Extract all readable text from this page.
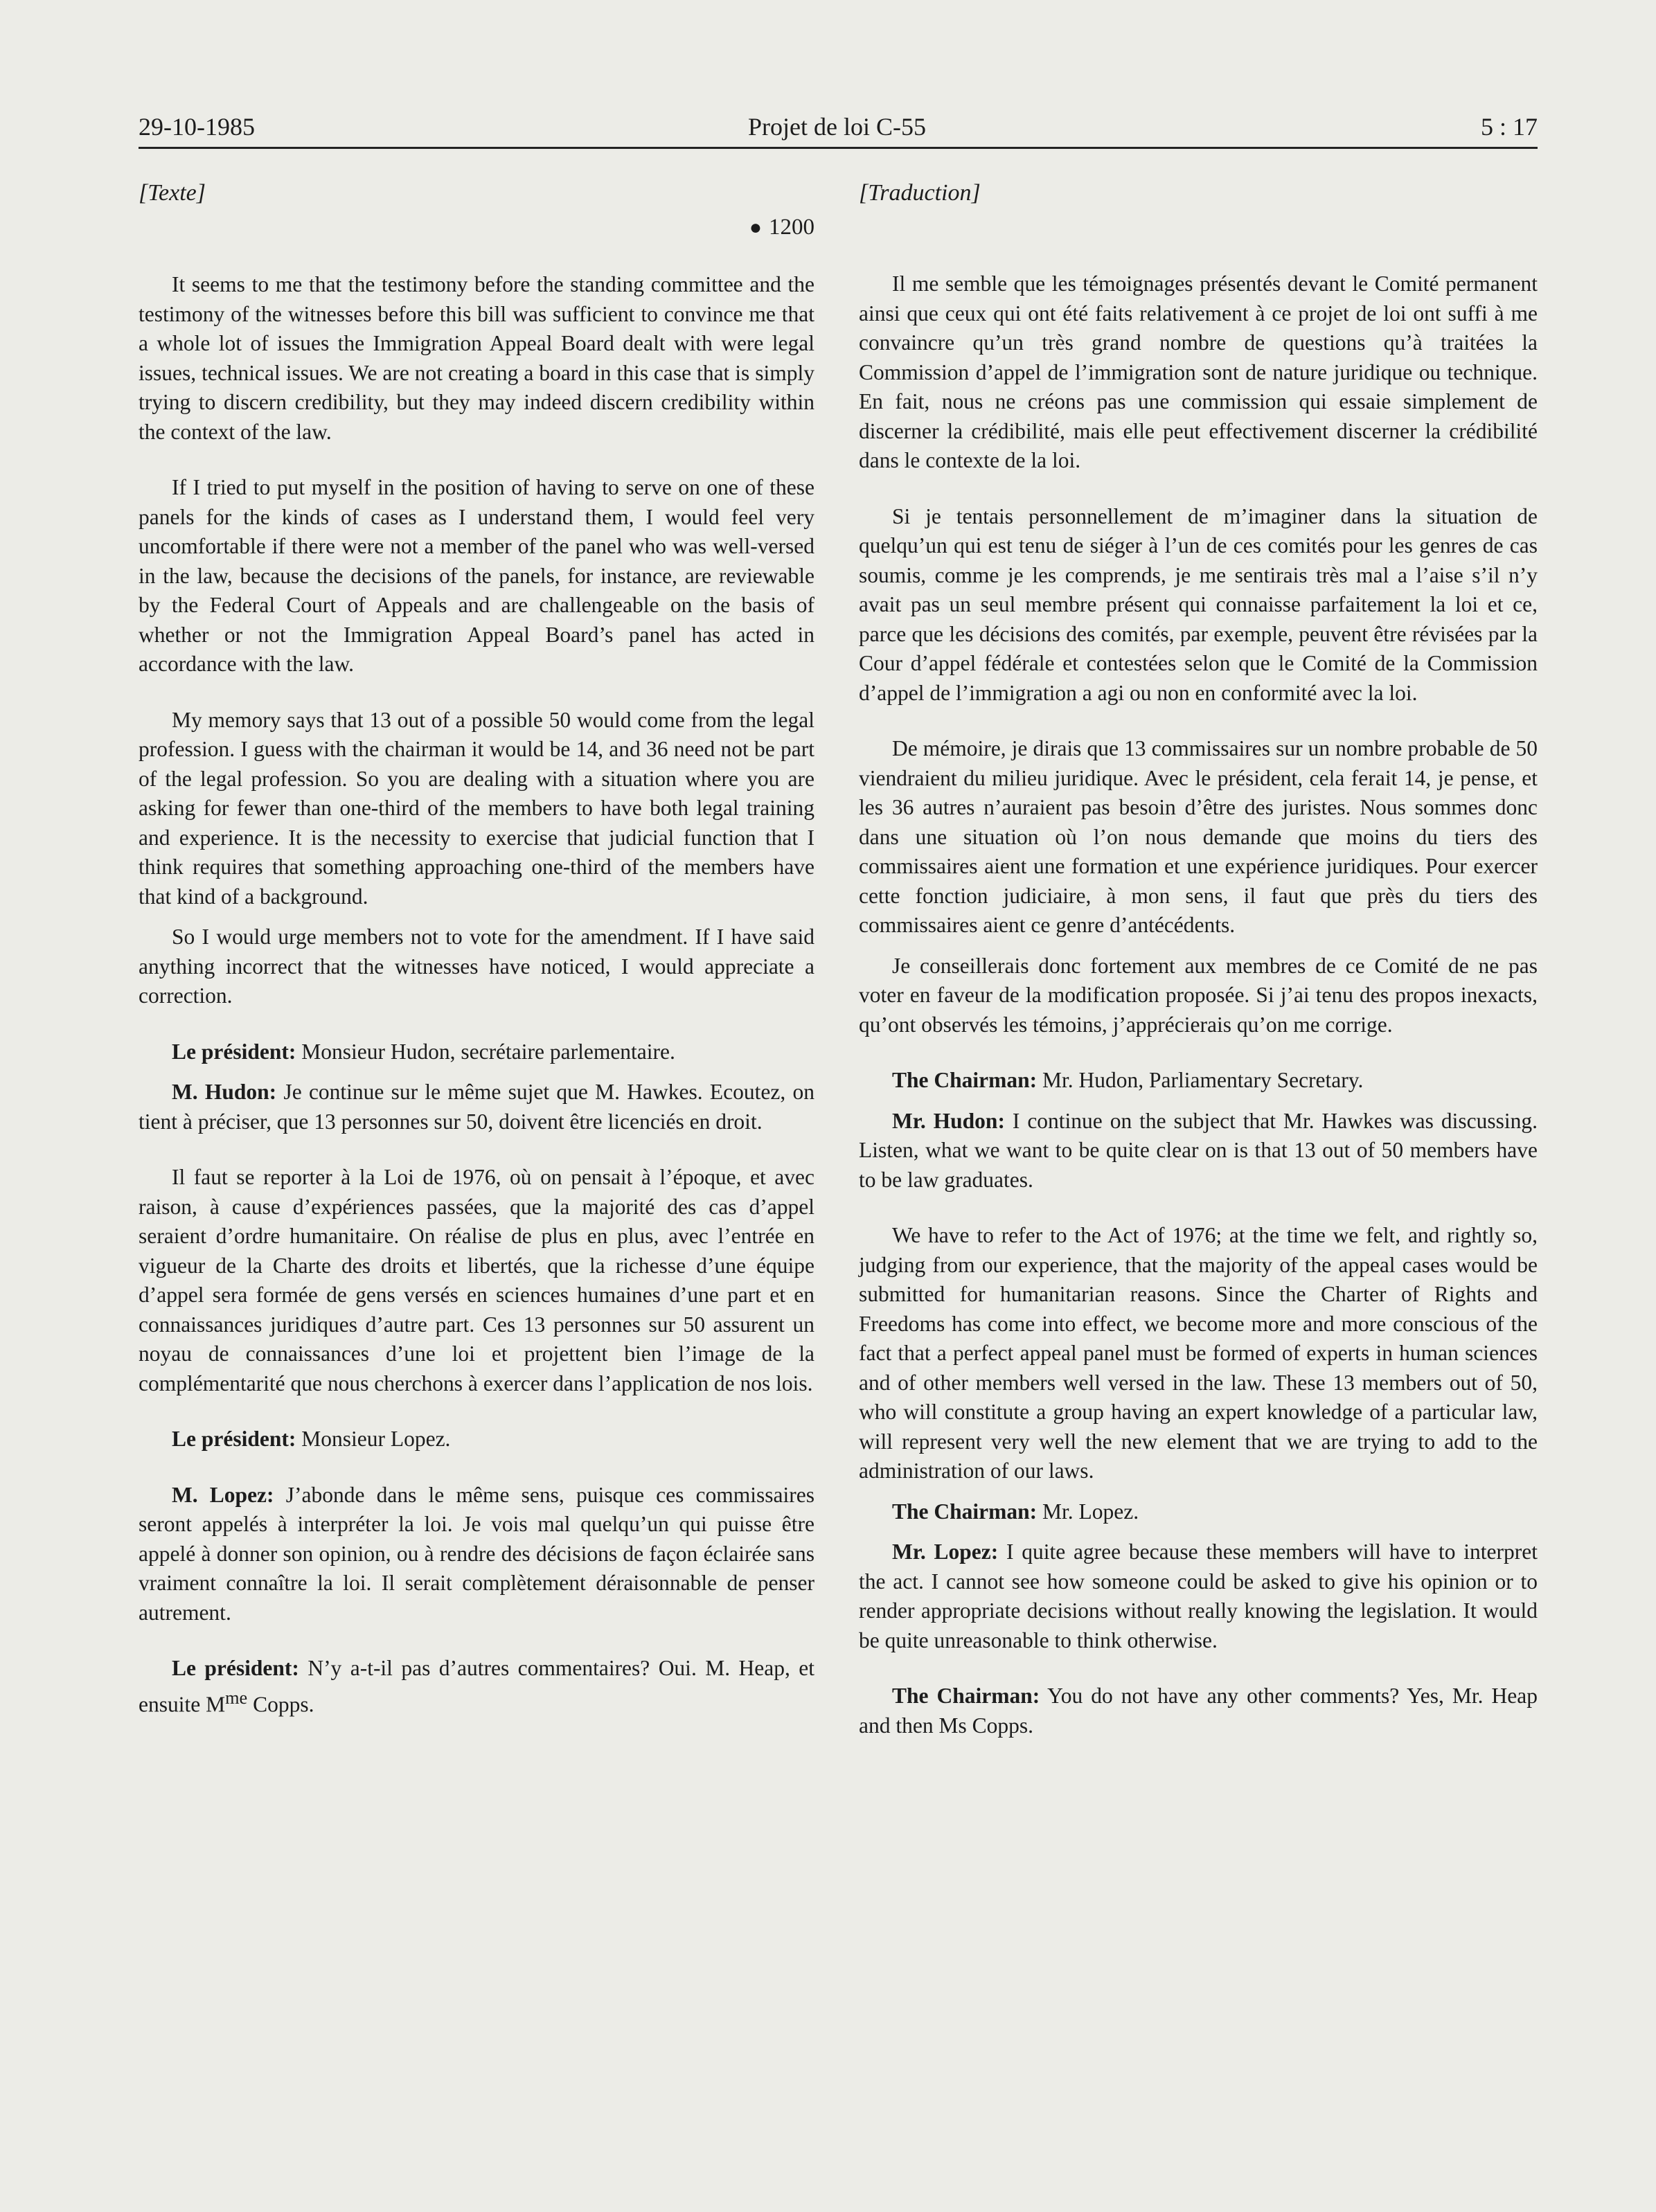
29-10-1985	Projet de loi C-55	5 : 17
[Texte]
● 1200

It seems to me that the testimony before the standing committee and the testimony of the witnesses before this bill was sufficient to convince me that a whole lot of issues the Immigration Appeal Board dealt with were legal issues, technical issues. We are not creating a board in this case that is simply trying to discern credibility, but they may indeed discern credibility within the context of the law.

If I tried to put myself in the position of having to serve on one of these panels for the kinds of cases as I understand them, I would feel very uncomfortable if there were not a member of the panel who was well-versed in the law, because the decisions of the panels, for instance, are reviewable by the Federal Court of Appeals and are challengeable on the basis of whether or not the Immigration Appeal Board’s panel has acted in accordance with the law.

My memory says that 13 out of a possible 50 would come from the legal profession. I guess with the chairman it would be 14, and 36 need not be part of the legal profession. So you are dealing with a situation where you are asking for fewer than one-third of the members to have both legal training and experience. It is the necessity to exercise that judicial function that I think requires that something approaching one-third of the members have that kind of a background.

So I would urge members not to vote for the amendment. If I have said anything incorrect that the witnesses have noticed, I would appreciate a correction.

Le président: Monsieur Hudon, secrétaire parlementaire.

M. Hudon: Je continue sur le même sujet que M. Hawkes. Ecoutez, on tient à préciser, que 13 personnes sur 50, doivent être licenciés en droit.

Il faut se reporter à la Loi de 1976, où on pensait à l’époque, et avec raison, à cause d’expériences passées, que la majorité des cas d’appel seraient d’ordre humanitaire. On réalise de plus en plus, avec l’entrée en vigueur de la Charte des droits et libertés, que la richesse d’une équipe d’appel sera formée de gens versés en sciences humaines d’une part et en connaissances juridiques d’autre part. Ces 13 personnes sur 50 assurent un noyau de connaissances d’une loi et projettent bien l’image de la complémentarité que nous cherchons à exercer dans l’application de nos lois.

Le président: Monsieur Lopez.

M. Lopez: J’abonde dans le même sens, puisque ces commissaires seront appelés à interpréter la loi. Je vois mal quelqu’un qui puisse être appelé à donner son opinion, ou à rendre des décisions de façon éclairée sans vraiment connaître la loi. Il serait complètement déraisonnable de penser autrement.

Le président: N’y a-t-il pas d’autres commentaires? Oui. M. Heap, et ensuite $M^{me}$ Copps.

[Traduction]

Il me semble que les témoignages présentés devant le Comité permanent ainsi que ceux qui ont été faits relativement à ce projet de loi ont suffi à me convaincre qu’un très grand nombre de questions qu’à traitées la Commission d’appel de l’immigration sont de nature juridique ou technique. En fait, nous ne créons pas une commission qui essaie simplement de discerner la crédibilité, mais elle peut effectivement discerner la crédibilité dans le contexte de la loi.

Si je tentais personnellement de m’imaginer dans la situation de quelqu’un qui est tenu de siéger à l’un de ces comités pour les genres de cas soumis, comme je les comprends, je me sentirais très mal a l’aise s’il n’y avait pas un seul membre présent qui connaisse parfaitement la loi et ce, parce que les décisions des comités, par exemple, peuvent être révisées par la Cour d’appel fédérale et contestées selon que le Comité de la Commission d’appel de l’immigration a agi ou non en conformité avec la loi.

De mémoire, je dirais que 13 commissaires sur un nombre probable de 50 viendraient du milieu juridique. Avec le président, cela ferait 14, je pense, et les 36 autres n’auraient pas besoin d’être des juristes. Nous sommes donc dans une situation où l’on nous demande que moins du tiers des commissaires aient une formation et une expérience juridiques. Pour exercer cette fonction judiciaire, à mon sens, il faut que près du tiers des commissaires aient ce genre d’antécédents.

Je conseillerais donc fortement aux membres de ce Comité de ne pas voter en faveur de la modification proposée. Si j’ai tenu des propos inexacts, qu’ont observés les témoins, j’apprécierais qu’on me corrige.

The Chairman: Mr. Hudon, Parliamentary Secretary.

Mr. Hudon: I continue on the subject that Mr. Hawkes was discussing. Listen, what we want to be quite clear on is that 13 out of 50 members have to be law graduates.

We have to refer to the Act of 1976; at the time we felt, and rightly so, judging from our experience, that the majority of the appeal cases would be submitted for humanitarian reasons. Since the Charter of Rights and Freedoms has come into effect, we become more and more conscious of the fact that a perfect appeal panel must be formed of experts in human sciences and of other members well versed in the law. These 13 members out of 50, who will constitute a group having an expert knowledge of a particular law, will represent very well the new element that we are trying to add to the administration of our laws.

The Chairman: Mr. Lopez.

Mr. Lopez: I quite agree because these members will have to interpret the act. I cannot see how someone could be asked to give his opinion or to render appropriate decisions without really knowing the legislation. It would be quite unreasonable to think otherwise.

The Chairman: You do not have any other comments? Yes, Mr. Heap and then Ms Copps.
